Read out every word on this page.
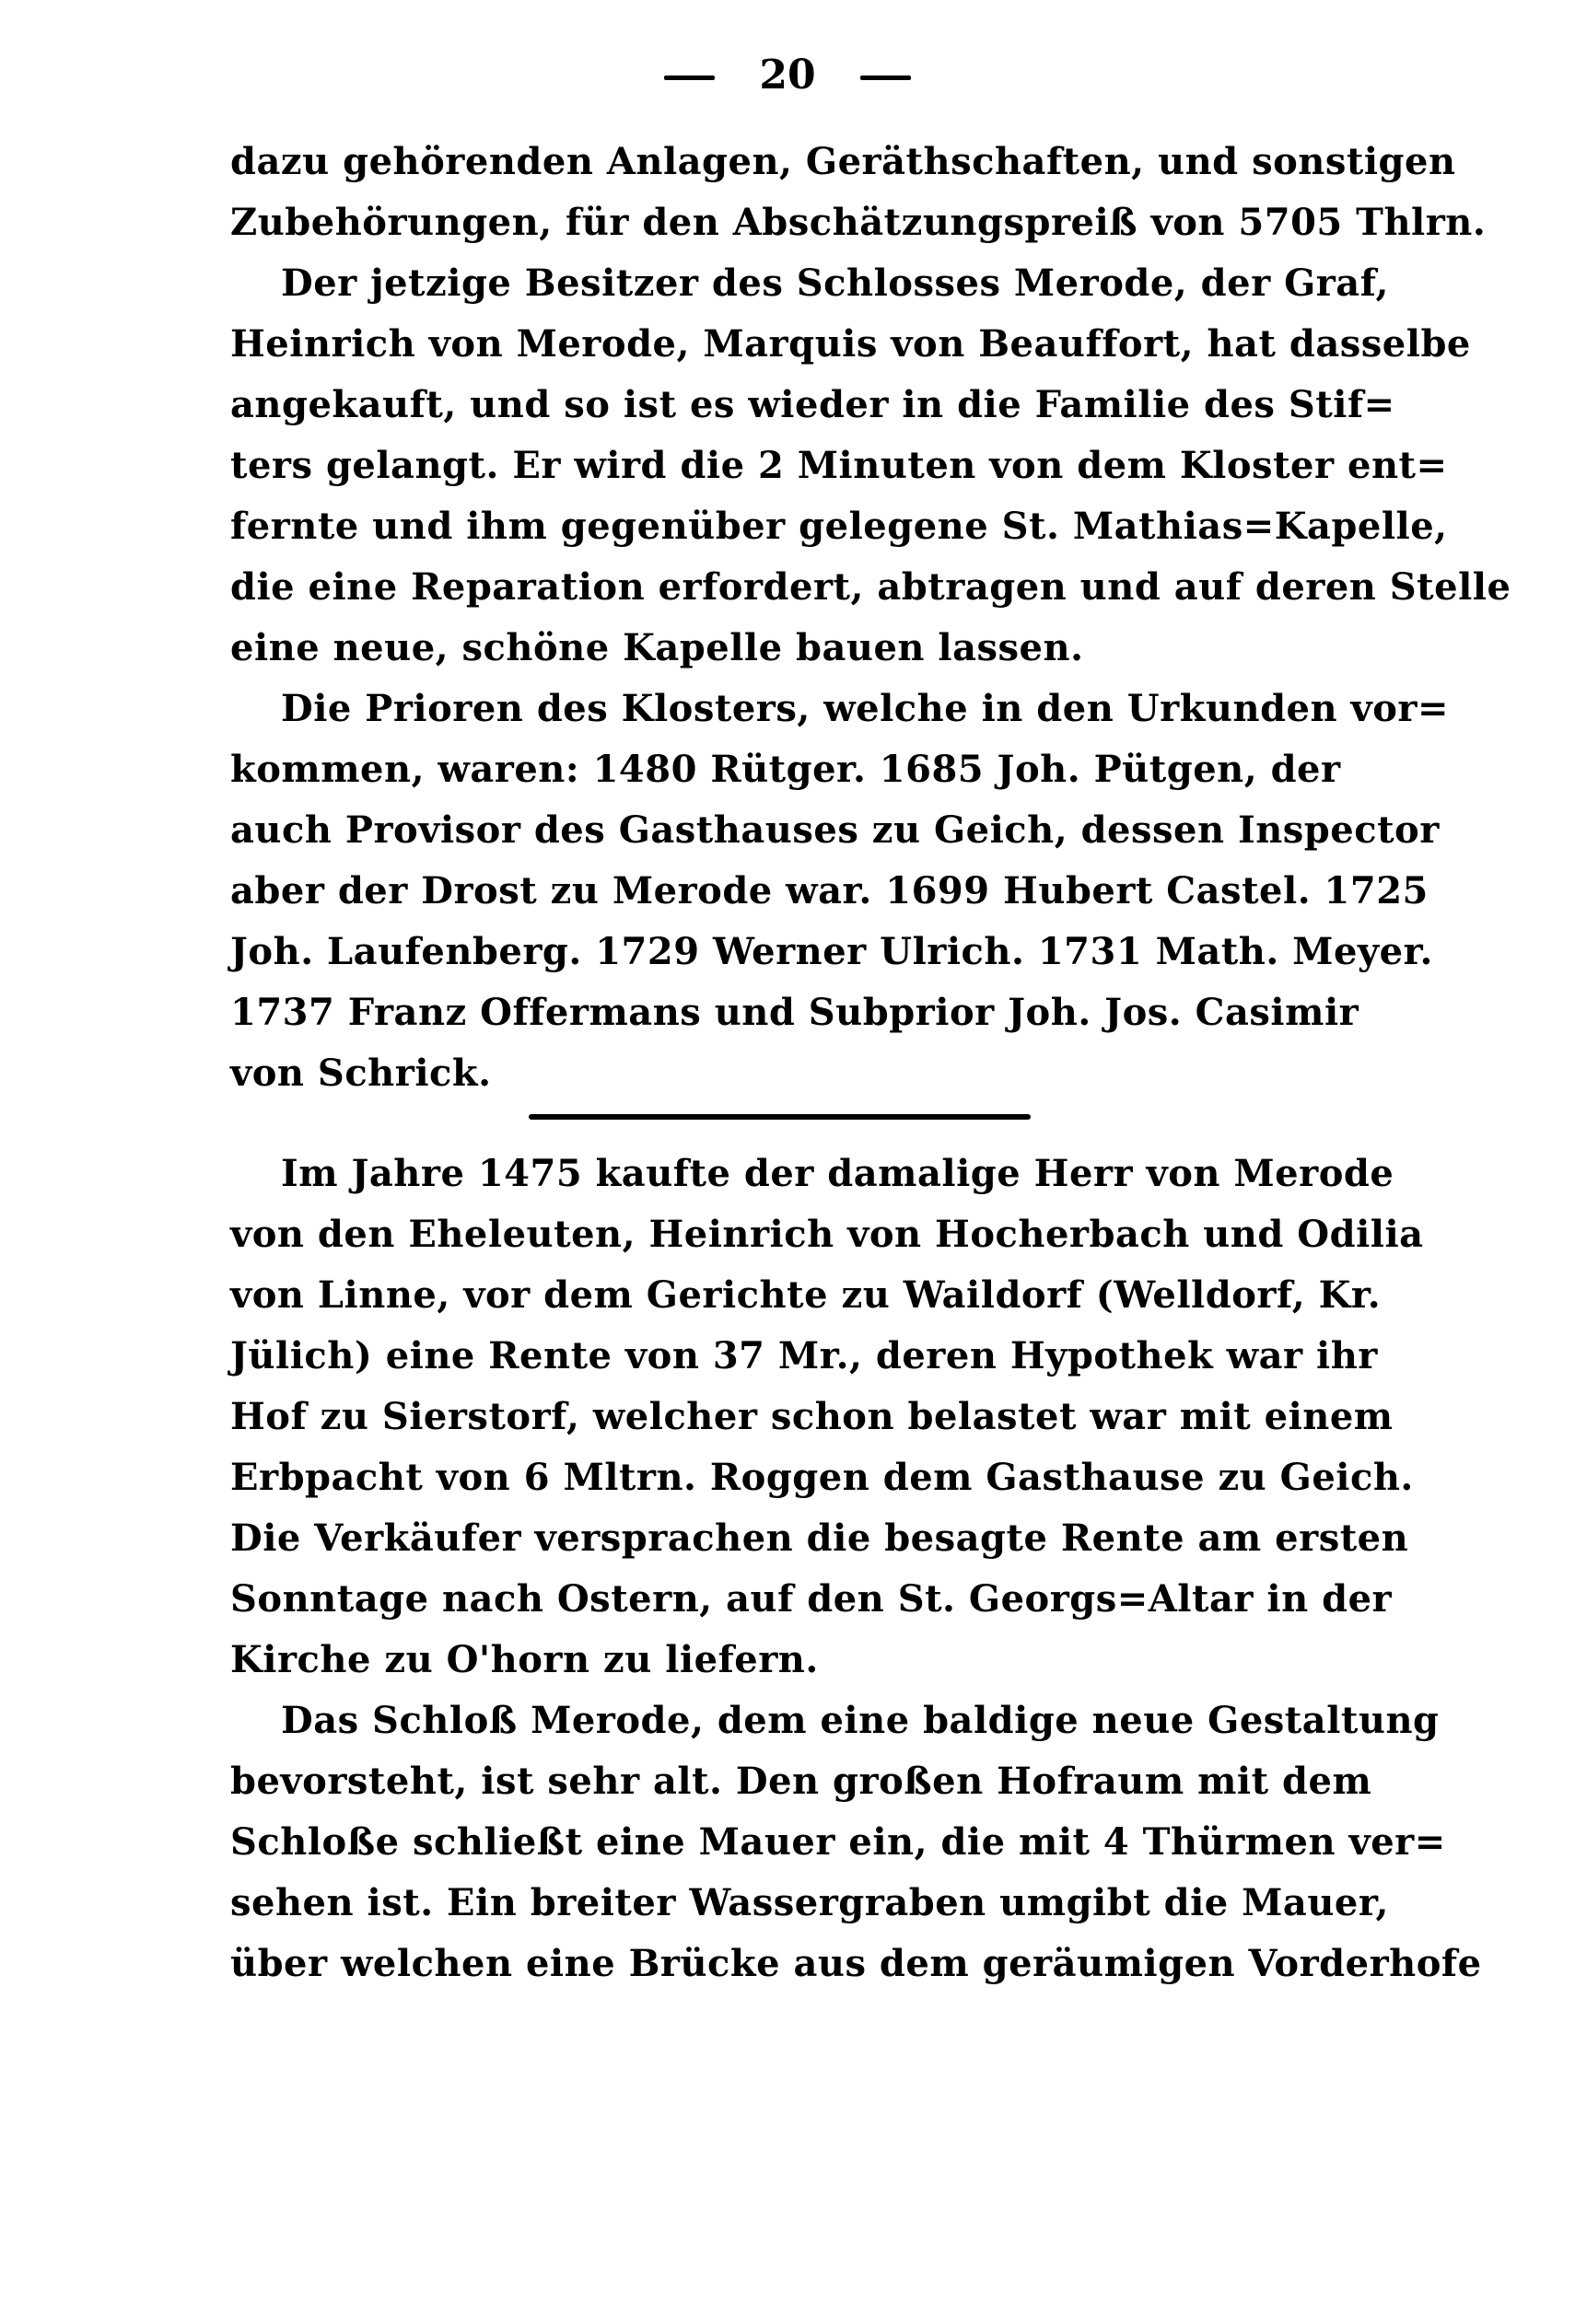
20
dazu gehörenden Anlagen, Geräthschaften, und sonstigen
Zubehörungen, für den Abschätzungspreiß von 5705 Thlrn.
Der jetzige Besitzer des Schlosses Merode, der Graf,
Heinrich von Merode, Marquis von Beauffort, hat dasselbe
angekauft, und so ist es wieder in die Familie des Stif=
ters gelangt. Er wird die 2 Minuten von dem Kloster ent=
fernte und ihm gegenüber gelegene St. Mathias=Kapelle,
die eine Reparation erfordert, abtragen und auf deren Stelle
eine neue, schöne Kapelle bauen lassen.
Die Prioren des Klosters, welche in den Urkunden vor=
kommen, waren: 1480 Rütger. 1685 Joh. Pütgen, der
auch Provisor des Gasthauses zu Geich, dessen Inspector
aber der Drost zu Merode war. 1699 Hubert Castel. 1725
Joh. Laufenberg. 1729 Werner Ulrich. 1731 Math. Meyer.
1737 Franz Offermans und Subprior Joh. Jos. Casimir
von Schrick.
Im Jahre 1475 kaufte der damalige Herr von Merode
von den Eheleuten, Heinrich von Hocherbach und Odilia
von Linne, vor dem Gerichte zu Waildorf (Welldorf, Kr.
Jülich) eine Rente von 37 Mr., deren Hypothek war ihr
Hof zu Sierstorf, welcher schon belastet war mit einem
Erbpacht von 6 Mltrn. Roggen dem Gasthause zu Geich.
Die Verkäufer versprachen die besagte Rente am ersten
Sonntage nach Ostern, auf den St. Georgs=Altar in der
Kirche zu O'horn zu liefern.
Das Schloß Merode, dem eine baldige neue Gestaltung
bevorsteht, ist sehr alt. Den großen Hofraum mit dem
Schloße schließt eine Mauer ein, die mit 4 Thürmen ver=
sehen ist. Ein breiter Wassergraben umgibt die Mauer,
über welchen eine Brücke aus dem geräumigen Vorderhofe
